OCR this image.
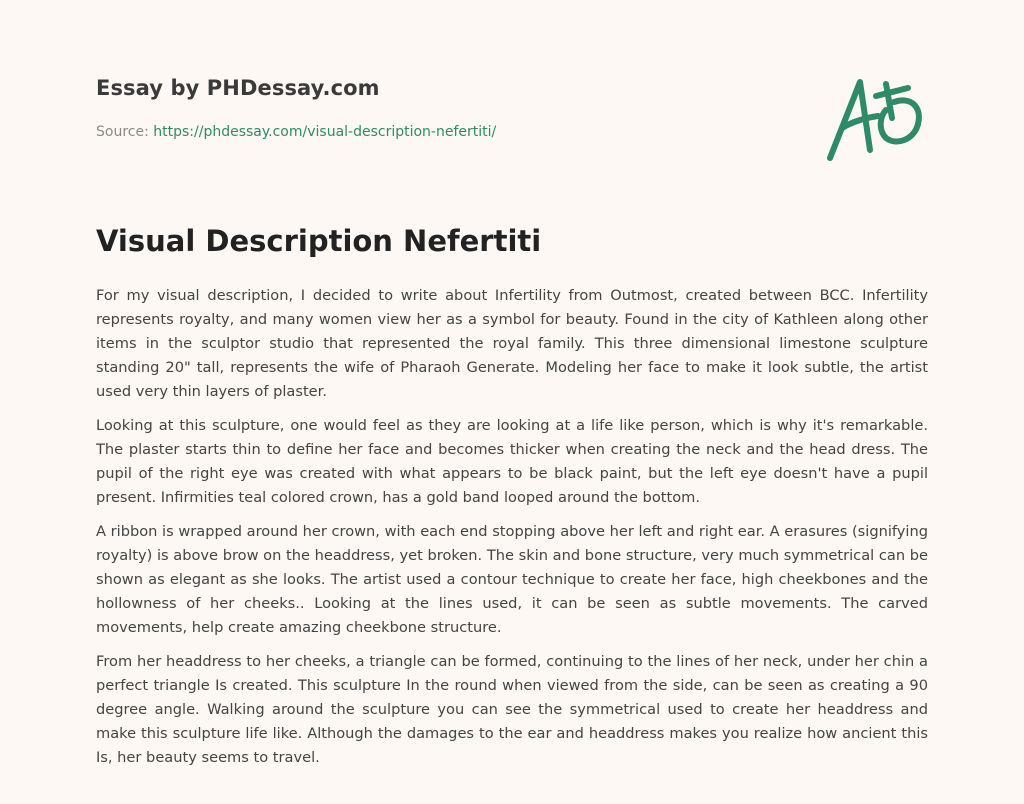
Essay by PHDessay.com
Source: https://phdessay.com/visual-description-nefertiti/
Visual Description Nefertiti

For my visual description, I decided to write about Infertility from Outmost, created between BCC. Infertility represents royalty, and many women view her as a symbol for beauty. Found in the city of Kathleen along other items in the sculptor studio that represented the royal family. This three dimensional limestone sculpture standing 20" tall, represents the wife of Pharaoh Generate. Modeling her face to make it look subtle, the artist used very thin layers of plaster.

Looking at this sculpture, one would feel as they are looking at a life like person, which is why it's remarkable. The plaster starts thin to define her face and becomes thicker when creating the neck and the head dress. The pupil of the right eye was created with what appears to be black paint, but the left eye doesn't have a pupil present. Infirmities teal colored crown, has a gold band looped around the bottom.

A ribbon is wrapped around her crown, with each end stopping above her left and right ear. A erasures (signifying royalty) is above brow on the headdress, yet broken. The skin and bone structure, very much symmetrical can be shown as elegant as she looks. The artist used a contour technique to create her face, high cheekbones and the hollowness of her cheeks.. Looking at the lines used, it can be seen as subtle movements. The carved movements, help create amazing cheekbone structure.

From her headdress to her cheeks, a triangle can be formed, continuing to the lines of her neck, under her chin a perfect triangle Is created. This sculpture In the round when viewed from the side, can be seen as creating a 90 degree angle. Walking around the sculpture you can see the symmetrical used to create her headdress and make this sculpture life like. Although the damages to the ear and headdress makes you realize how ancient this Is, her beauty seems to travel.
